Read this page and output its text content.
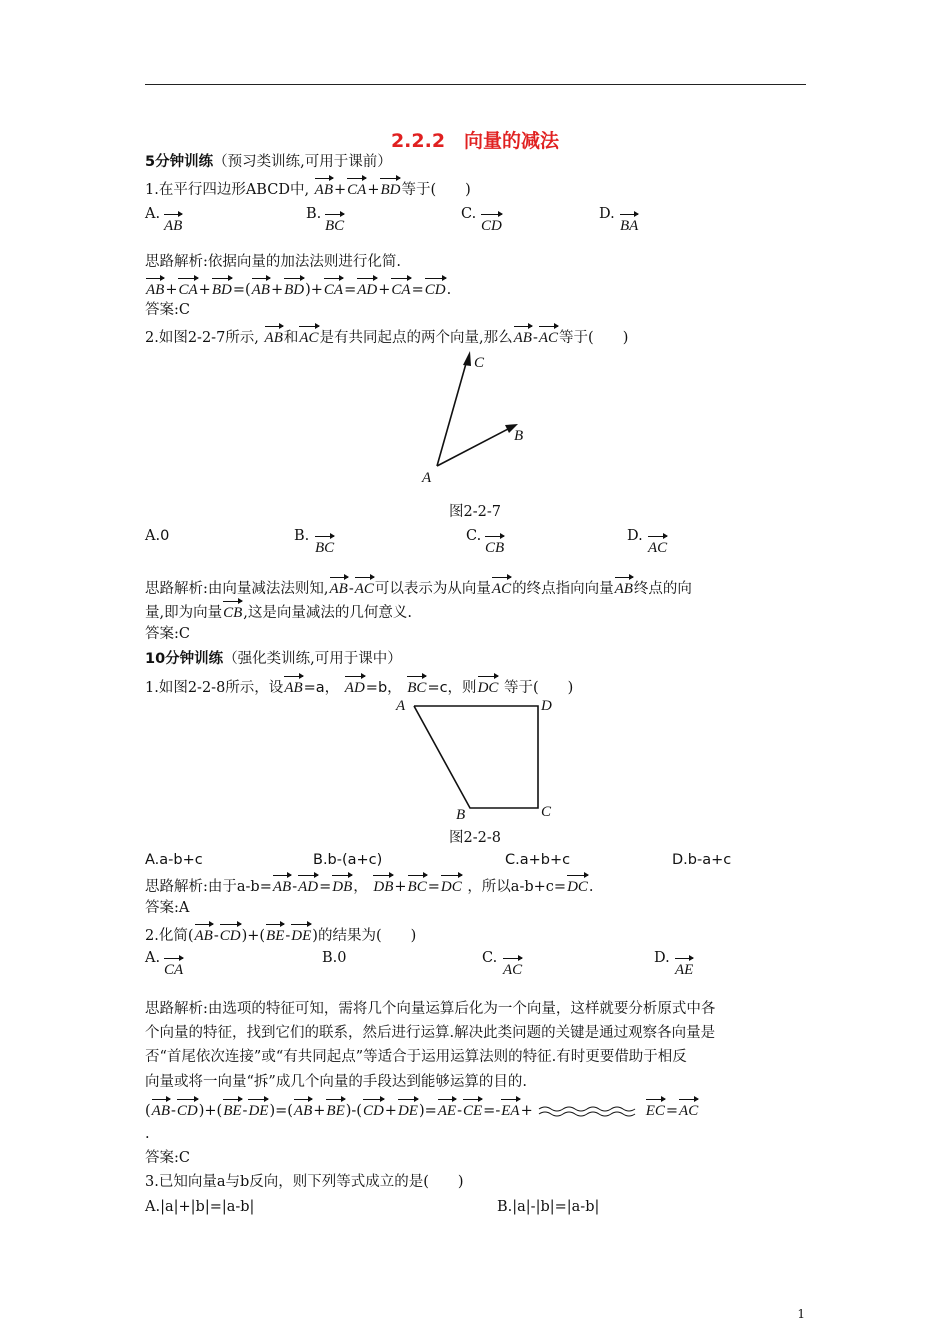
2.2.2　向量的减法
5分钟训练（预习类训练,可用于课前）
1.在平行四边形ABCD中, AB+CA+BD等于(　　)
A.
AB
B.
BC
C.
CD
D.
BA
思路解析:依据向量的加法法则进行化简.
AB+CA+BD=(AB+BD)+CA=AD+CA=CD.
答案:C
2.如图2-2-7所示, AB和AC是有共同起点的两个向量,那么AB-AC等于(　　)
C
B
A
图2-2-7
A.0	B.
BC
C.
CB
D.
AC
思路解析:由向量减法法则知,AB-AC可以表示为从向量AC的终点指向向量AB终点的向
量,即为向量CB,这是向量减法的几何意义.
答案:C
10分钟训练（强化类训练,可用于课中）
1.如图2-2-8所示，设AB=a， AD=b， BC=c，则DC 等于(　　)
A	D
B	C
图2-2-8
A.a-b+c	B.b-(a+c)	C.a+b+c	D.b-a+c
思路解析:由于a-b=AB-AD=DB， DB+BC=DC ，所以a-b+c=DC.
答案:A
2.化简(AB-CD)+(BE-DE)的结果为(　　)
A.
CA
B.0	C.
AC
D.
AE
思路解析:由选项的特征可知，需将几个向量运算后化为一个向量，这样就要分析原式中各
个向量的特征，找到它们的联系，然后进行运算.解决此类问题的关键是通过观察各向量是
否“首尾依次连接”或“有共同起点”等适合于运用运算法则的特征.有时更要借助于相反
向量或将一向量“拆”成几个向量的手段达到能够运算的目的.
(AB-CD)+(BE-DE)=(AB+BE)-(CD+DE)=AE-CE=-EA+	EC=AC
.
答案:C
3.已知向量a与b反向，则下列等式成立的是(　　)
A.|a|+|b|=|a-b|	B.|a|-|b|=|a-b|
1
